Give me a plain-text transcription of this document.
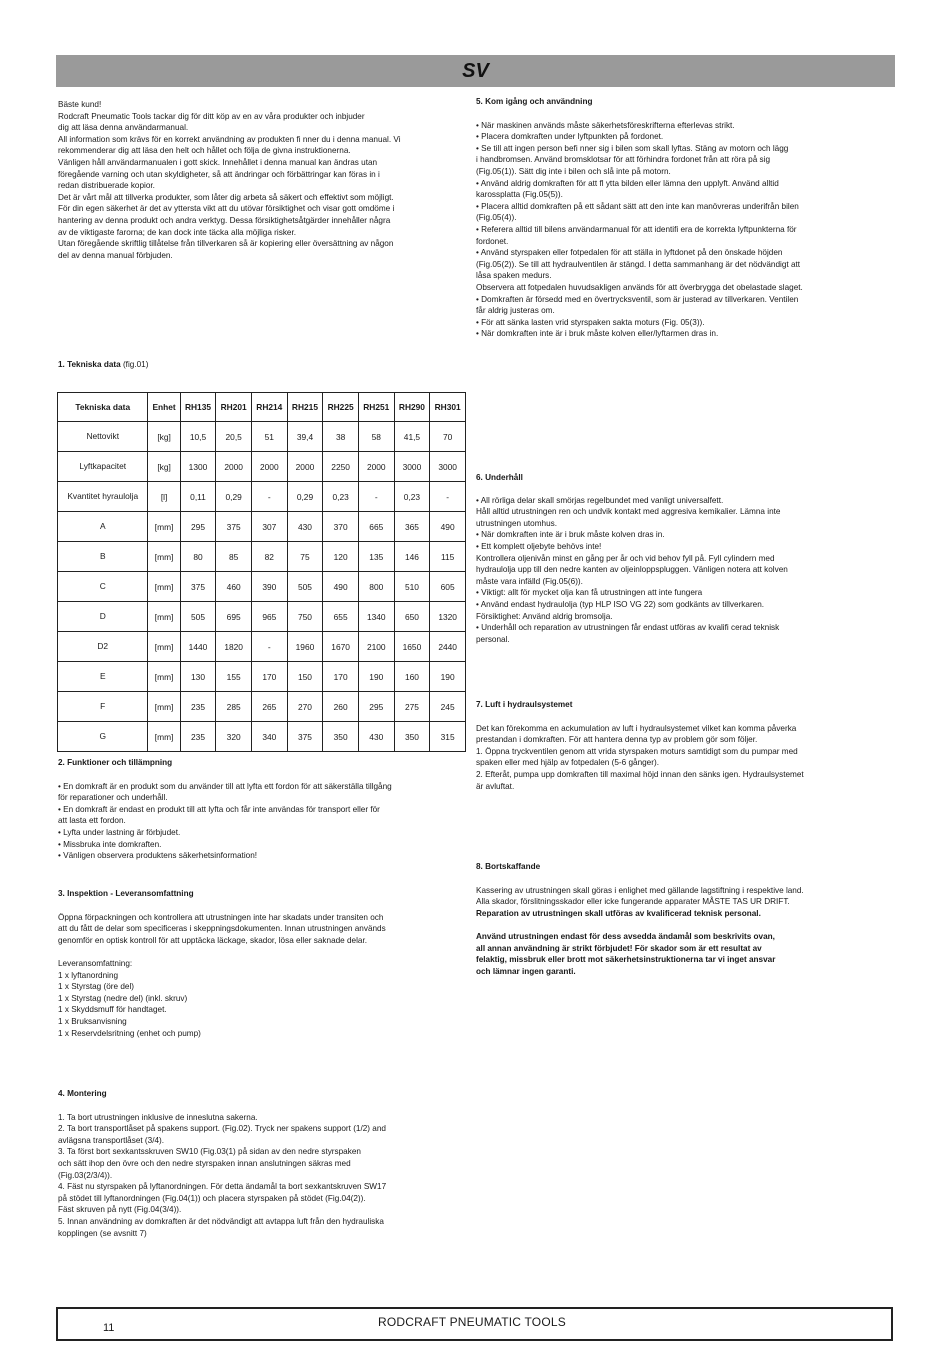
SV
Bäste kund!
Rodcraft Pneumatic Tools tackar dig för ditt köp av en av våra produkter och inbjuder
dig att läsa denna användarmanual.
All information som krävs för en korrekt användning av produkten fi nner du i denna manual. Vi
rekommenderar dig att läsa den helt och hållet och följa de givna instruktionerna.
Vänligen håll användarmanualen i gott skick. Innehållet i denna manual kan ändras utan
föregående varning och utan skyldigheter, så att ändringar och förbättringar kan föras in i
redan distribuerade kopior.
Det är vårt mål att tillverka produkter, som låter dig arbeta så säkert och effektivt som möjligt.
För din egen säkerhet är det av yttersta vikt att du utövar försiktighet och visar gott omdöme i
hantering av denna produkt och andra verktyg. Dessa försiktighetsåtgärder innehåller några
av de viktigaste farorna; de kan dock inte täcka alla möjliga risker.
Utan föregående skriftlig tillåtelse från tillverkaren så är kopiering eller översättning av någon
del av denna manual förbjuden.
1. Tekniska data (fig.01)
Tekniska data	Enhet	RH135	RH201	RH214	RH215	RH225	RH251	RH290	RH301
Nettovikt	[kg]	10,5	20,5	51	39,4	38	58	41,5	70
Lyftkapacitet	[kg]	1300	2000	2000	2000	2250	2000	3000	3000
Kvantitet hyraulolja	[l]	0,11	0,29	-	0,29	0,23	-	0,23	-
A	[mm]	295	375	307	430	370	665	365	490
B	[mm]	80	85	82	75	120	135	146	115
C	[mm]	375	460	390	505	490	800	510	605
D	[mm]	505	695	965	750	655	1340	650	1320
D2	[mm]	1440	1820	-	1960	1670	2100	1650	2440
E	[mm]	130	155	170	150	170	190	160	190
F	[mm]	235	285	265	270	260	295	275	245
G	[mm]	235	320	340	375	350	430	350	315
2. Funktioner och tillämpning
• En domkraft är en produkt som du använder till att lyfta ett fordon för att säkerställa tillgång
för reparationer och underhåll.
• En domkraft är endast en produkt till att lyfta och får inte användas för transport eller för
att lasta ett fordon.
• Lyfta under lastning är förbjudet.
• Missbruka inte domkraften.
• Vänligen observera produktens säkerhetsinformation!
3. Inspektion - Leveransomfattning
Öppna förpackningen och kontrollera att utrustningen inte har skadats under transiten och
att du fått de delar som specificeras i skeppningsdokumenten. Innan utrustningen används
genomför en optisk kontroll för att upptäcka läckage, skador, lösa eller saknade delar.
Leveransomfattning:
1 x lyftanordning
1 x Styrstag (öre del)
1 x Styrstag (nedre del) (inkl. skruv)
1 x Skyddsmuff för handtaget.
1 x Bruksanvisning
1 x Reservdelsritning (enhet och pump)
4. Montering
1. Ta bort utrustningen inklusive de inneslutna sakerna.
2. Ta bort transportlåset på spakens support. (Fig.02). Tryck ner spakens support (1/2) and
avlägsna transportlåset (3/4).
3. Ta först bort sexkantsskruven SW10 (Fig.03(1) på sidan av den nedre styrspaken
och sätt ihop den övre och den nedre styrspaken innan anslutningen säkras med
(Fig.03(2/3/4)).
4. Fäst nu styrspaken på lyftanordningen. För detta ändamål ta bort sexkantskruven SW17
på stödet till lyftanordningen (Fig.04(1)) och placera styrspaken på stödet (Fig.04(2)).
Fäst skruven på nytt (Fig.04(3/4)).
5. Innan användning av domkraften är det nödvändigt att avtappa luft från den hydrauliska
kopplingen (se avsnitt 7)
5. Kom igång och användning
• När maskinen används måste säkerhetsföreskrifterna efterlevas strikt.
• Placera domkraften under lyftpunkten på fordonet.
• Se till att ingen person befi nner sig i bilen som skall lyftas. Stäng av motorn och lägg
i handbromsen. Använd bromsklotsar för att förhindra fordonet från att röra på sig
(Fig.05(1)). Sätt dig inte i bilen och slå inte på motorn.
• Använd aldrig domkraften för att fl ytta bilden eller lämna den upplyft. Använd alltid
karossplatta (Fig.05(5)).
• Placera alltid domkraften på ett sådant sätt att den inte kan manövreras underifrån bilen
(Fig.05(4)).
• Referera alltid till bilens användarmanual för att identifi era de korrekta lyftpunkterna för
fordonet.
• Använd styrspaken eller fotpedalen för att ställa in lyftdonet på den önskade höjden
(Fig.05(2)). Se till att hydraulventilen är stängd. I detta sammanhang är det nödvändigt att
låsa spaken medurs.
Observera att fotpedalen huvudsakligen används för att överbrygga det obelastade slaget.
• Domkraften är försedd med en övertrycksventil, som är justerad av tillverkaren. Ventilen
får aldrig justeras om.
• För att sänka lasten vrid styrspaken sakta moturs (Fig. 05(3)).
• När domkraften inte är i bruk måste kolven eller/lyftarmen dras in.
6. Underhåll
• All rörliga delar skall smörjas regelbundet med vanligt universalfett.
Håll alltid utrustningen ren och undvik kontakt med aggresiva kemikalier. Lämna inte
utrustningen utomhus.
• När domkraften inte är i bruk måste kolven dras in.
• Ett komplett oljebyte behövs inte!
Kontrollera oljenivån minst en gång per år och vid behov fyll på. Fyll cylindern med
hydraulolja upp till den nedre kanten av oljeinloppspluggen. Vänligen notera att kolven
måste vara infälld (Fig.05(6)).
• Viktigt: allt för mycket olja kan få utrustningen att inte fungera
• Använd endast hydraulolja (typ HLP ISO VG 22) som godkänts av tillverkaren.
Försiktighet: Använd aldrig bromsolja.
• Underhåll och reparation av utrustningen får endast utföras av kvalifi cerad teknisk
personal.
7. Luft i hydraulsystemet
Det kan förekomma en ackumulation av luft i hydraulsystemet vilket kan komma påverka
prestandan i domkraften. För att hantera denna typ av problem gör som följer.
1. Öppna tryckventilen genom att vrida styrspaken moturs samtidigt som du pumpar med
spaken eller med hjälp av fotpedalen (5-6 gånger).
2. Efteråt, pumpa upp domkraften till maximal höjd innan den sänks igen. Hydraulsystemet
är avluftat.
8. Bortskaffande
Kassering av utrustningen skall göras i enlighet med gällande lagstiftning i respektive land.
Alla skador, förslitningsskador eller icke fungerande apparater MÅSTE TAS UR DRIFT.
Reparation av utrustningen skall utföras av kvalificerad teknisk personal.
Använd utrustningen endast för dess avsedda ändamål som beskrivits ovan,
all annan användning är strikt förbjudet! För skador som är ett resultat av
felaktig, missbruk eller brott mot säkerhetsinstruktionerna tar vi inget ansvar
och lämnar ingen garanti.
11	RODCRAFT PNEUMATIC TOOLS
